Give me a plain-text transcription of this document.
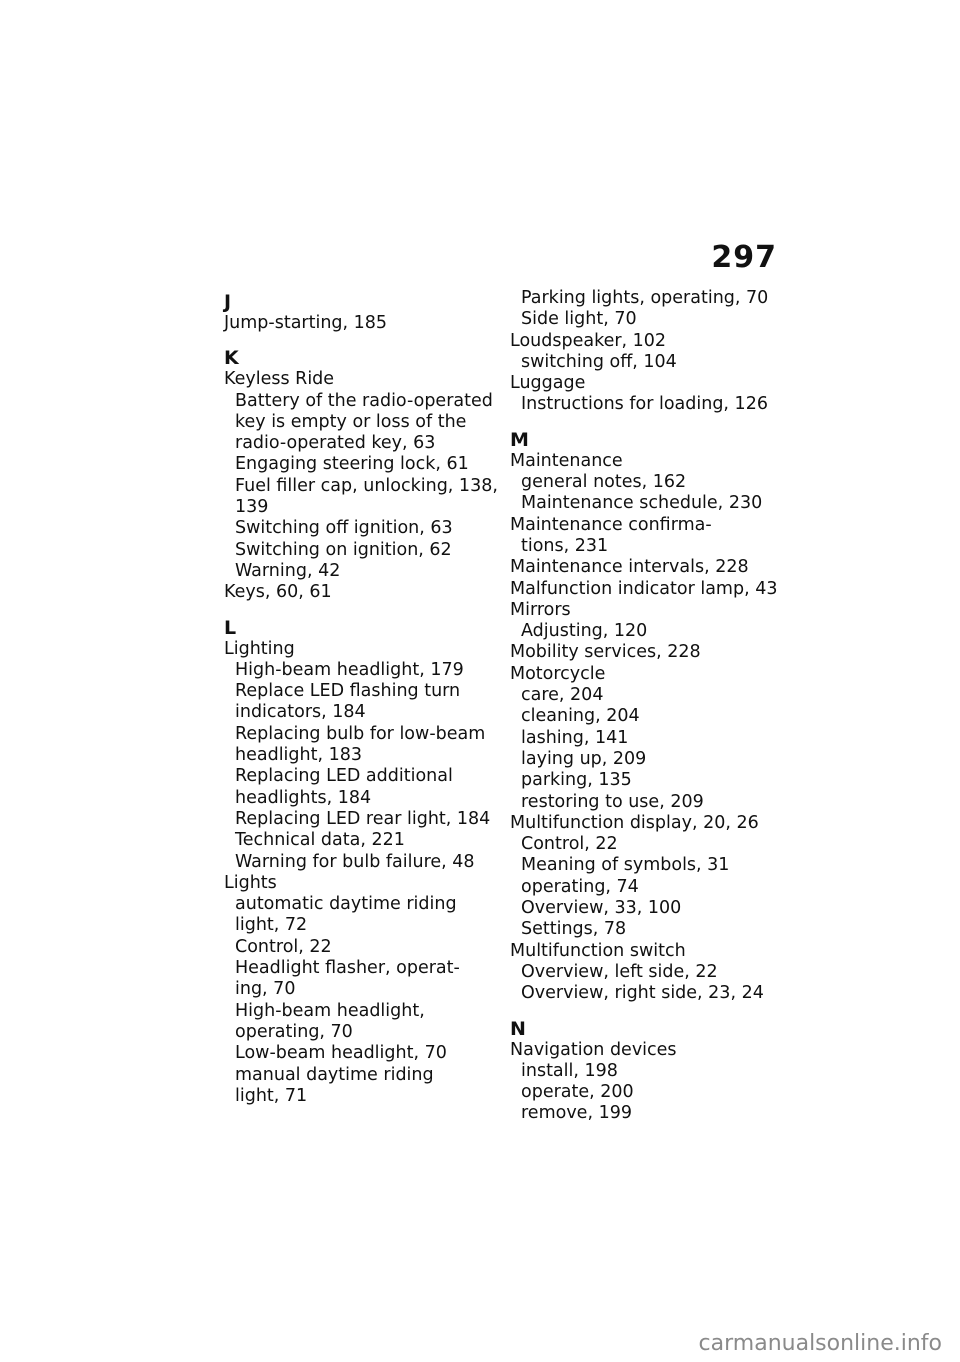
297
J
Jump-starting, 185
K
Keyless Ride
Battery of the radio-operated
key is empty or loss of the
radio-operated key, 63
Engaging steering lock, 61
Fuel filler cap, unlocking, 138,
139
Switching off ignition, 63
Switching on ignition, 62
Warning, 42
Keys, 60, 61
L
Lighting
High-beam headlight, 179
Replace LED flashing turn
indicators, 184
Replacing bulb for low-beam
headlight, 183
Replacing LED additional
headlights, 184
Replacing LED rear light, 184
Technical data, 221
Warning for bulb failure, 48
Lights
automatic daytime riding
light, 72
Control, 22
Headlight flasher, operat-
ing, 70
High-beam headlight,
operating, 70
Low-beam headlight, 70
manual daytime riding
light, 71
Parking lights, operating, 70
Side light, 70
Loudspeaker, 102
switching off, 104
Luggage
Instructions for loading, 126
M
Maintenance
general notes, 162
Maintenance schedule, 230
Maintenance confirma-
tions, 231
Maintenance intervals, 228
Malfunction indicator lamp, 43
Mirrors
Adjusting, 120
Mobility services, 228
Motorcycle
care, 204
cleaning, 204
lashing, 141
laying up, 209
parking, 135
restoring to use, 209
Multifunction display, 20, 26
Control, 22
Meaning of symbols, 31
operating, 74
Overview, 33, 100
Settings, 78
Multifunction switch
Overview, left side, 22
Overview, right side, 23, 24
N
Navigation devices
install, 198
operate, 200
remove, 199
carmanualsonline.info
